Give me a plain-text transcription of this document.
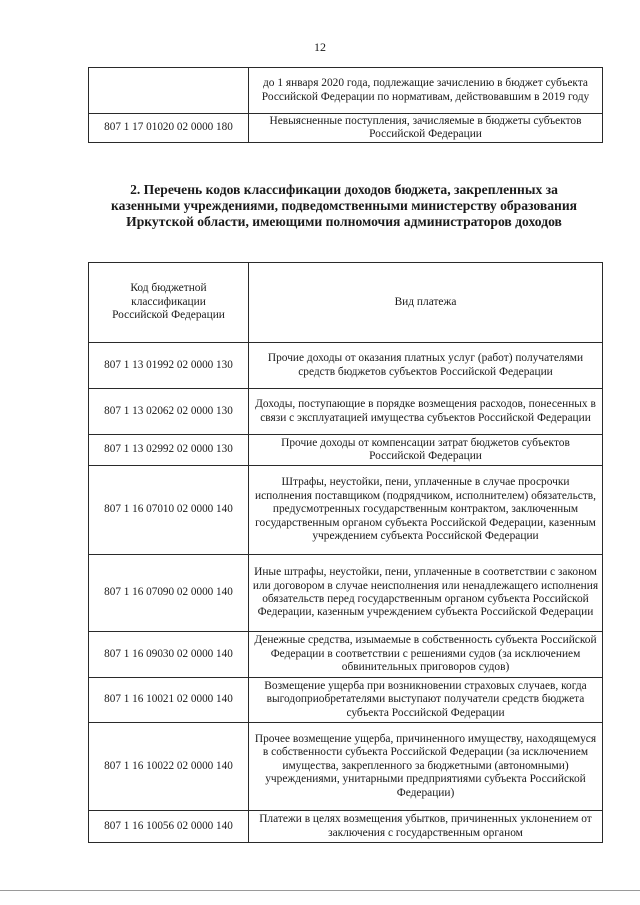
12
	до 1 января 2020 года, подлежащие зачислению в бюджет субъекта Российской Федерации по нормативам, действовавшим в 2019 году
807 1 17 01020 02 0000 180	Невыясненные поступления, зачисляемые в бюджеты субъектов Российской Федерации
2. Перечень кодов классификации доходов бюджета, закрепленных за казенными учреждениями, подведомственными министерству образования Иркутской области, имеющими полномочия администраторов доходов
Код бюджетной классификации Российской Федерации	Вид платежа
807 1 13 01992 02 0000 130	Прочие доходы от оказания платных услуг (работ) получателями средств бюджетов субъектов Российской Федерации
807 1 13 02062 02 0000 130	Доходы, поступающие в порядке возмещения расходов, понесенных в связи с эксплуатацией имущества субъектов Российской Федерации
807 1 13 02992 02 0000 130	Прочие доходы от компенсации затрат бюджетов субъектов Российской Федерации
807 1 16 07010 02 0000 140	Штрафы, неустойки, пени, уплаченные в случае просрочки исполнения поставщиком (подрядчиком, исполнителем) обязательств, предусмотренных государственным контрактом, заключенным государственным органом субъекта Российской Федерации, казенным учреждением субъекта Российской Федерации
807 1 16 07090 02 0000 140	Иные штрафы, неустойки, пени, уплаченные в соответствии с законом или договором в случае неисполнения или ненадлежащего исполнения обязательств перед государственным органом субъекта Российской Федерации, казенным учреждением субъекта Российской Федерации
807 1 16 09030 02 0000 140	Денежные средства, изымаемые в собственность субъекта Российской Федерации в соответствии с решениями судов (за исключением обвинительных приговоров судов)
807 1 16 10021 02 0000 140	Возмещение ущерба при возникновении страховых случаев, когда выгодоприобретателями выступают получатели средств бюджета субъекта Российской Федерации
807 1 16 10022 02 0000 140	Прочее возмещение ущерба, причиненного имуществу, находящемуся в собственности субъекта Российской Федерации (за исключением имущества, закрепленного за бюджетными (автономными) учреждениями, унитарными предприятиями субъекта Российской Федерации)
807 1 16 10056 02 0000 140	Платежи в целях возмещения убытков, причиненных уклонением от заключения с государственным органом
